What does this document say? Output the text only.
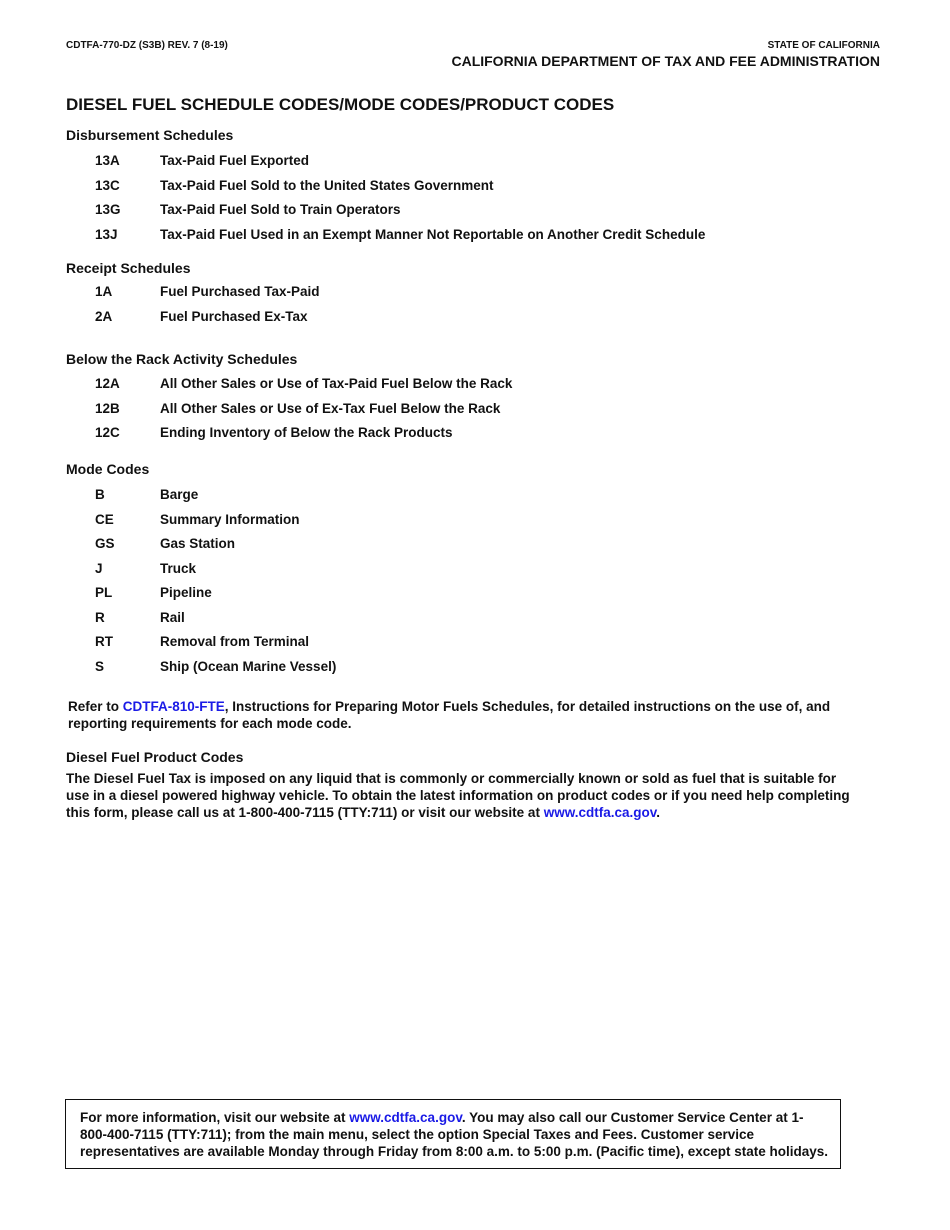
CDTFA-770-DZ (S3B) REV. 7 (8-19)	STATE OF CALIFORNIA
CALIFORNIA DEPARTMENT OF TAX AND FEE ADMINISTRATION
DIESEL FUEL SCHEDULE CODES/MODE CODES/PRODUCT CODES
Disbursement Schedules
13A	Tax-Paid Fuel Exported
13C	Tax-Paid Fuel Sold to the United States Government
13G	Tax-Paid Fuel Sold to Train Operators
13J	Tax-Paid Fuel Used in an Exempt Manner Not Reportable on Another Credit Schedule
Receipt Schedules
1A	Fuel Purchased Tax-Paid
2A	Fuel Purchased Ex-Tax
Below the Rack Activity Schedules
12A	All Other Sales or Use of Tax-Paid Fuel Below the Rack
12B	All Other Sales or Use of Ex-Tax Fuel Below the Rack
12C	Ending Inventory of Below the Rack Products
Mode Codes
B	Barge
CE	Summary Information
GS	Gas Station
J	Truck
PL	Pipeline
R	Rail
RT	Removal from Terminal
S	Ship (Ocean Marine Vessel)

Refer to CDTFA-810-FTE, Instructions for Preparing Motor Fuels Schedules, for detailed instructions on the use of, and reporting requirements for each mode code.

Diesel Fuel Product Codes

The Diesel Fuel Tax is imposed on any liquid that is commonly or commercially known or sold as fuel that is suitable for use in a diesel powered highway vehicle. To obtain the latest information on product codes or if you need help completing this form, please call us at 1-800-400-7115 (TTY:711) or visit our website at www.cdtfa.ca.gov.

For more information, visit our website at www.cdtfa.ca.gov. You may also call our Customer Service Center at 1-800-400-7115 (TTY:711); from the main menu, select the option Special Taxes and Fees. Customer service representatives are available Monday through Friday from 8:00 a.m. to 5:00 p.m. (Pacific time), except state holidays.
